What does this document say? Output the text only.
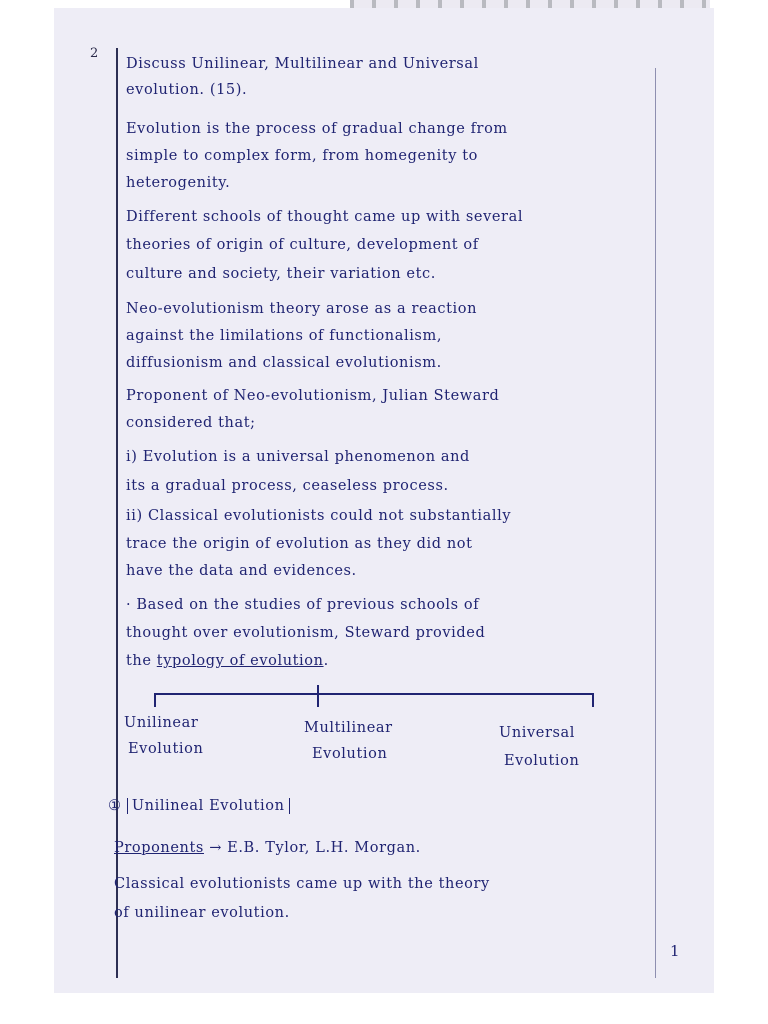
2
Discuss Unilinear, Multilinear and Universal
evolution. (15).
Evolution is the process of gradual change from
simple to complex form, from homegenity to
heterogenity.
Different schools of thought came up with several
theories of origin of culture, development of
culture and society, their variation etc.
Neo-evolutionism theory arose as a reaction
against the limilations of functionalism,
diffusionism and classical evolutionism.
Proponent of Neo-evolutionism, Julian Steward
considered that;
i) Evolution is a universal phenomenon and
its a gradual process, ceaseless process.
ii) Classical evolutionists could not substantially
trace the origin of evolution as they did not
have the data and evidences.
· Based on the studies of previous schools of
thought over evolutionism, Steward provided
the typology of evolution.
Unilinear
Evolution
Multilinear
Evolution
Universal
Evolution
① Unilineal Evolution
Proponents → E.B. Tylor, L.H. Morgan.
Classical evolutionists came up with the theory
of unilinear evolution.
1
